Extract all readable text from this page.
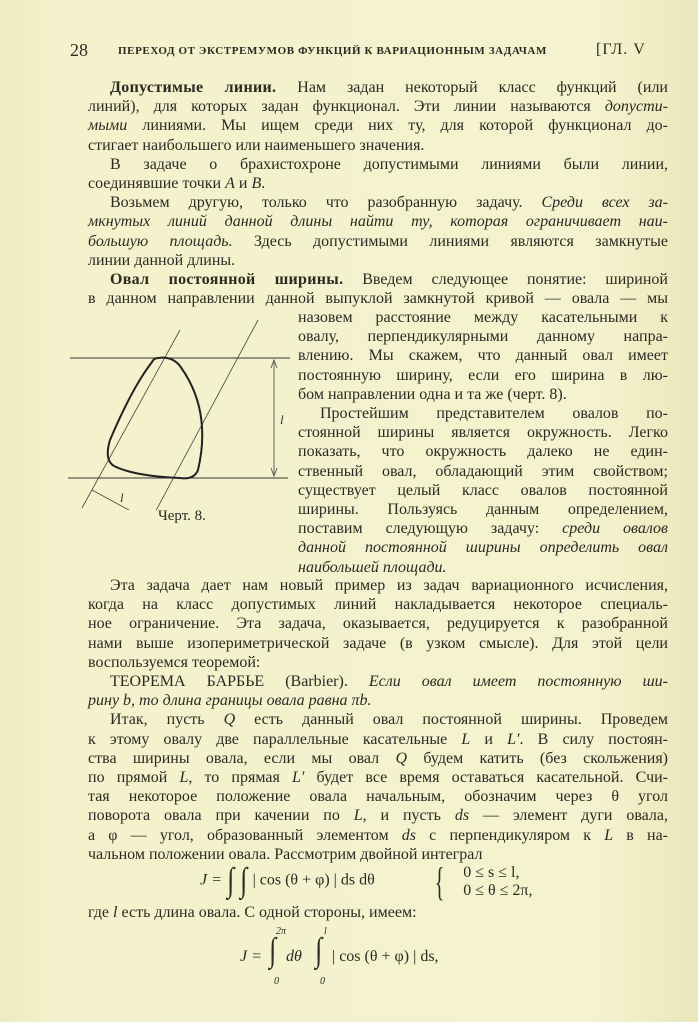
28	ПЕРЕХОД ОТ ЭКСТРЕМУМОВ ФУНКЦИЙ К ВАРИАЦИОННЫМ ЗАДАЧАМ	[ГЛ. V
Допустимые линии. Нам задан некоторый класс функций (или
линий), для которых задан функционал. Эти линии называются допусти-
мыми линиями. Мы ищем среди них ту, для которой функционал до-
стигает наибольшего или наименьшего значения.
В задаче о брахистохроне допустимыми линиями были линии,
соединявшие точки A и B.
Возьмем другую, только что разобранную задачу. Среди всех за-
мкнутых линий данной длины найти ту, которая ограничивает наи-
большую площадь. Здесь допустимыми линиями являются замкнутые
линии данной длины.
Овал постоянной ширины. Введем следующее понятие: шириной
в данном направлении данной выпуклой замкнутой кривой — овала — мы
назовем расстояние между касательными к
овалу, перпендикулярными данному напра-
влению. Мы скажем, что данный овал имеет
постоянную ширину, если его ширина в лю-
бом направлении одна и та же (черт. 8).
Простейшим представителем овалов по-
стоянной ширины является окружность. Легко
показать, что окружность далеко не един-
ственный овал, обладающий этим свойством;
существует целый класс овалов постоянной
ширины. Пользуясь данным определением,
поставим следующую задачу: среди овалов
данной постоянной ширины определить овал
наибольшей площади.
Эта задача дает нам новый пример из задач вариационного исчисления,
когда на класс допустимых линий накладывается некоторое специаль-
ное ограничение. Эта задача, оказывается, редуцируется к разобранной
нами выше изопериметрической задаче (в узком смысле). Для этой цели
воспользуемся теоремой:
ТЕОРЕМА БАРБЬЕ (Barbier). Если овал имеет постоянную ши-
рину b, то длина границы овала равна πb.
Итак, пусть Q есть данный овал постоянной ширины. Проведем
к этому овалу две параллельные касательные L и L′. В силу постоян-
ства ширины овала, если мы овал Q будем катить (без скольжения)
по прямой L, то прямая L′ будет все время оставаться касательной. Счи-
тая некоторое положение овала начальным, обозначим через θ угол
поворота овала при качении по L, и пусть ds — элемент дуги овала,
а φ — угол, образованный элементом ds с перпендикуляром к L в на-
чальном положении овала. Рассмотрим двойной интеграл
l
l
Черт. 8.
J = ∫ ∫ | cos (θ + φ) | ds dθ { 0 ≤ s ≤ l,
0 ≤ θ ≤ 2π,
где l есть длина овала. С одной стороны, имеем:
J = ∫
2π
0
dθ ∫
l
0
| cos (θ + φ) | ds,
